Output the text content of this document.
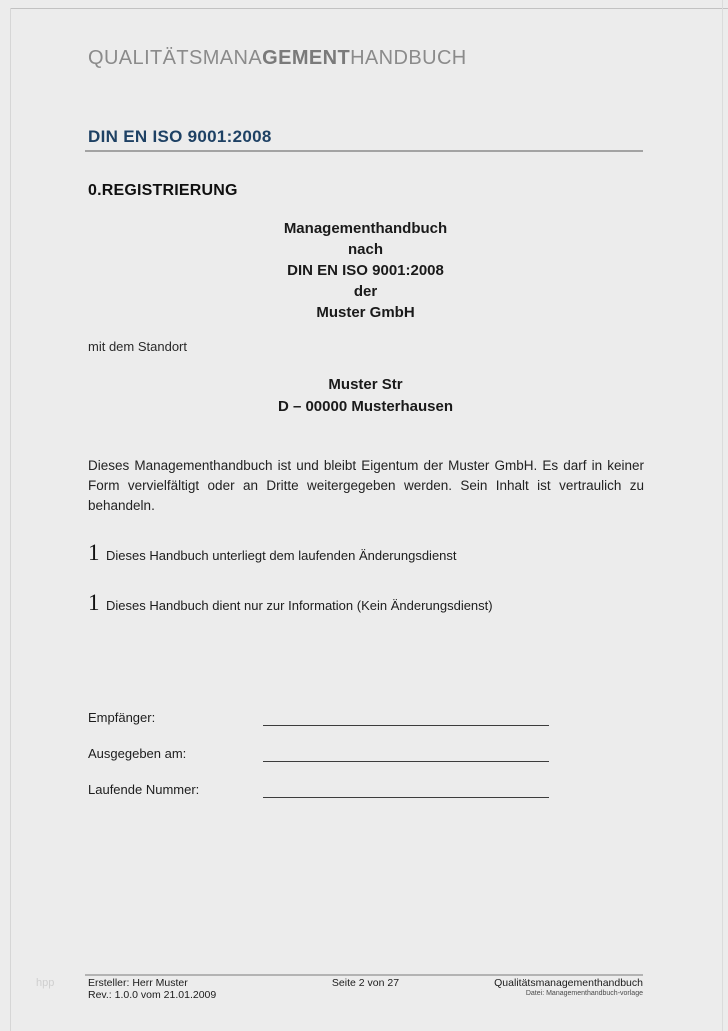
QUALITÄTSMANAGEMENTHANDBUCH
DIN EN ISO 9001:2008
0.REGISTRIERUNG
Managementhandbuch
nach
DIN EN ISO 9001:2008
der
Muster GmbH
mit dem Standort
Muster Str
D – 00000 Musterhausen
Dieses Managementhandbuch ist und bleibt Eigentum der Muster GmbH. Es darf in keiner Form vervielfältigt oder an Dritte weitergegeben werden. Sein Inhalt ist vertraulich zu behandeln.
1 Dieses Handbuch unterliegt dem laufenden Änderungsdienst
1 Dieses Handbuch dient nur zur Information (Kein Änderungsdienst)
Empfänger:
Ausgegeben am:
Laufende Nummer:
hpp	Ersteller: Herr Muster
Rev.: 1.0.0 vom 21.01.2009
Seite 2 von 27	Qualitätsmanagementhandbuch
Datei: Managementhandbuch-vorlage
